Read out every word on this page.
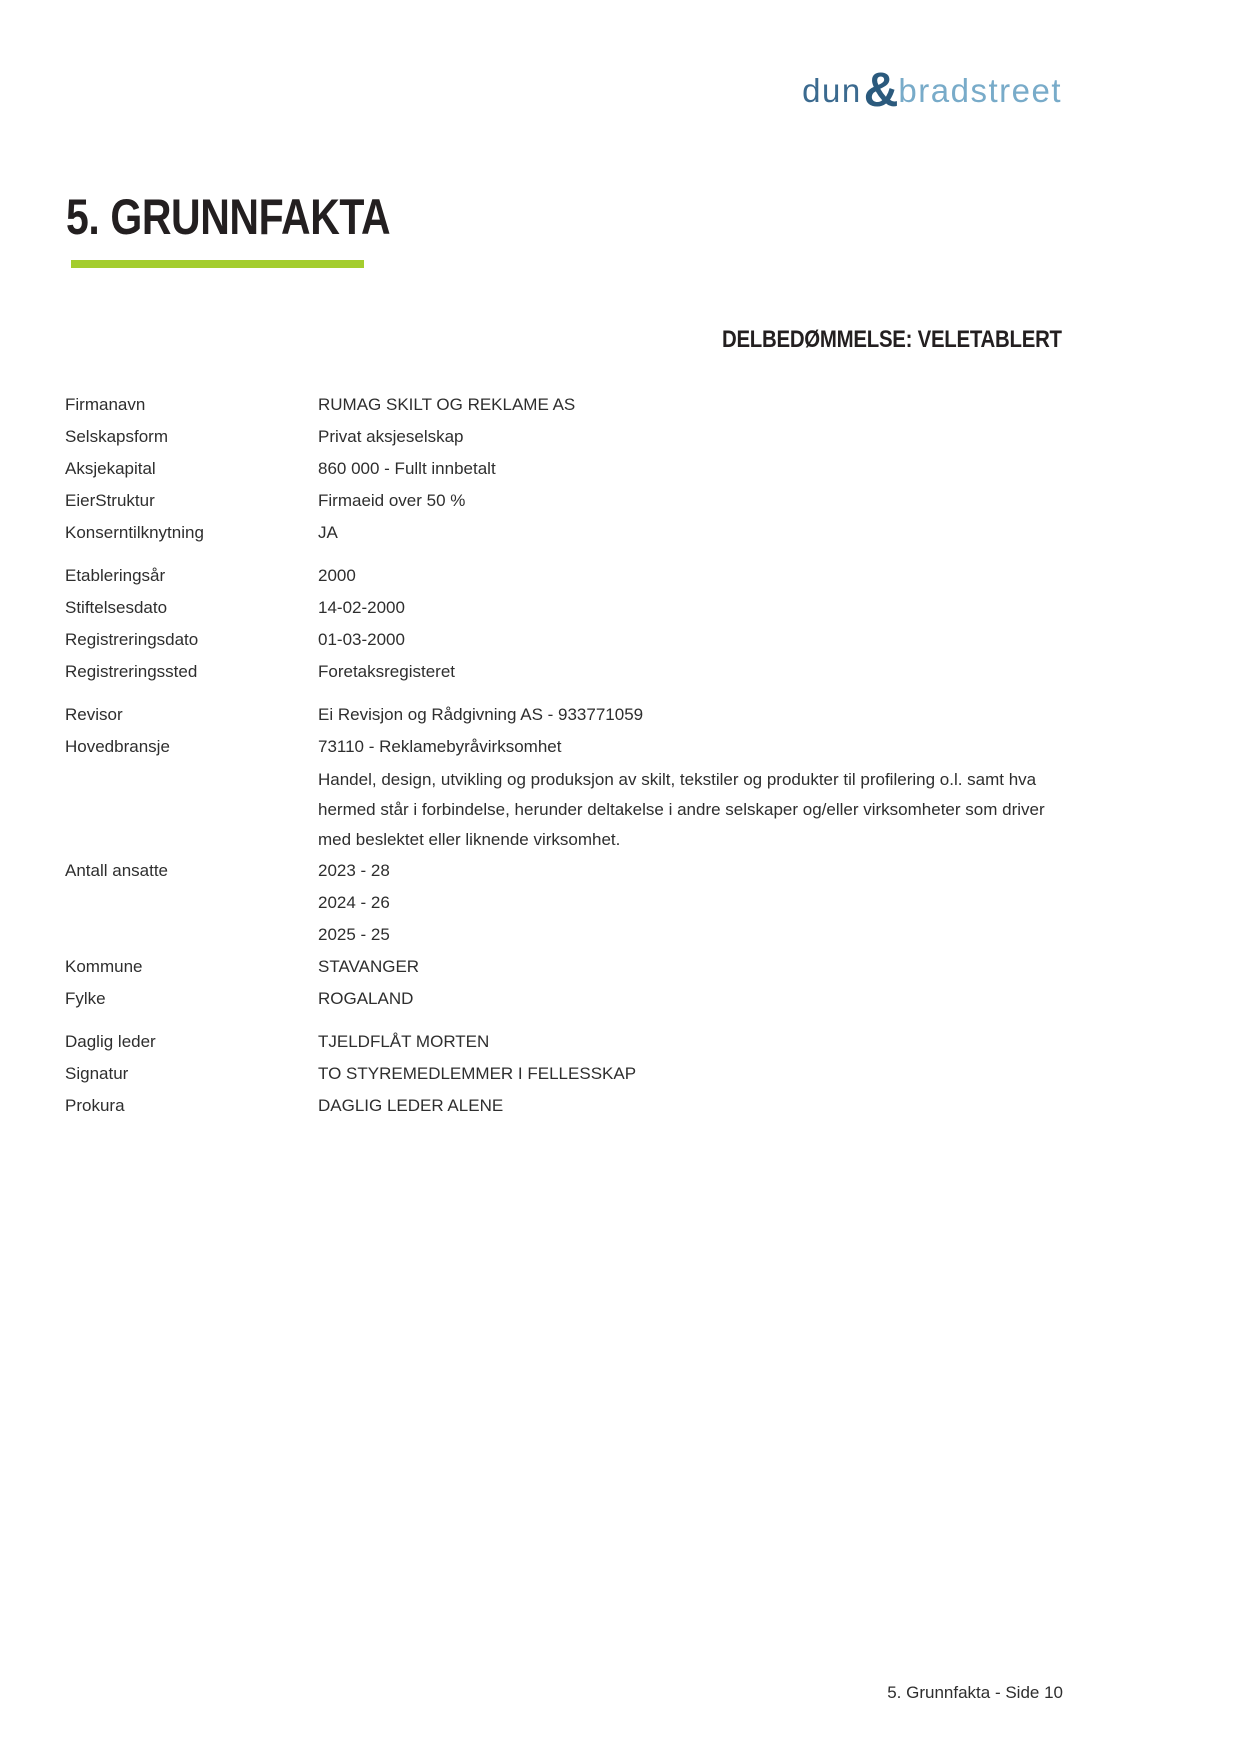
dun & bradstreet
5. GRUNNFAKTA
DELBEDØMMELSE: VELETABLERT
Firmanavn	RUMAG SKILT OG REKLAME AS
Selskapsform	Privat aksjeselskap
Aksjekapital	860 000 - Fullt innbetalt
EierStruktur	Firmaeid over 50 %
Konserntilknytning	JA
Etableringsår	2000
Stiftelsesdato	14-02-2000
Registreringsdato	01-03-2000
Registreringssted	Foretaksregisteret
Revisor	Ei Revisjon og Rådgivning AS - 933771059
Hovedbransje	73110 - Reklamebyråvirksomhet
Handel, design, utvikling og produksjon av skilt, tekstiler og produkter til profilering o.l. samt hva hermed står i forbindelse, herunder deltakelse i andre selskaper og/eller virksomheter som driver med beslektet eller liknende virksomhet.
Antall ansatte	2023 - 28
2024 - 26
2025 - 25
Kommune	STAVANGER
Fylke	ROGALAND
Daglig leder	TJELDFLÅT MORTEN
Signatur	TO STYREMEDLEMMER I FELLESSKAP
Prokura	DAGLIG LEDER ALENE
5. Grunnfakta - Side 10
